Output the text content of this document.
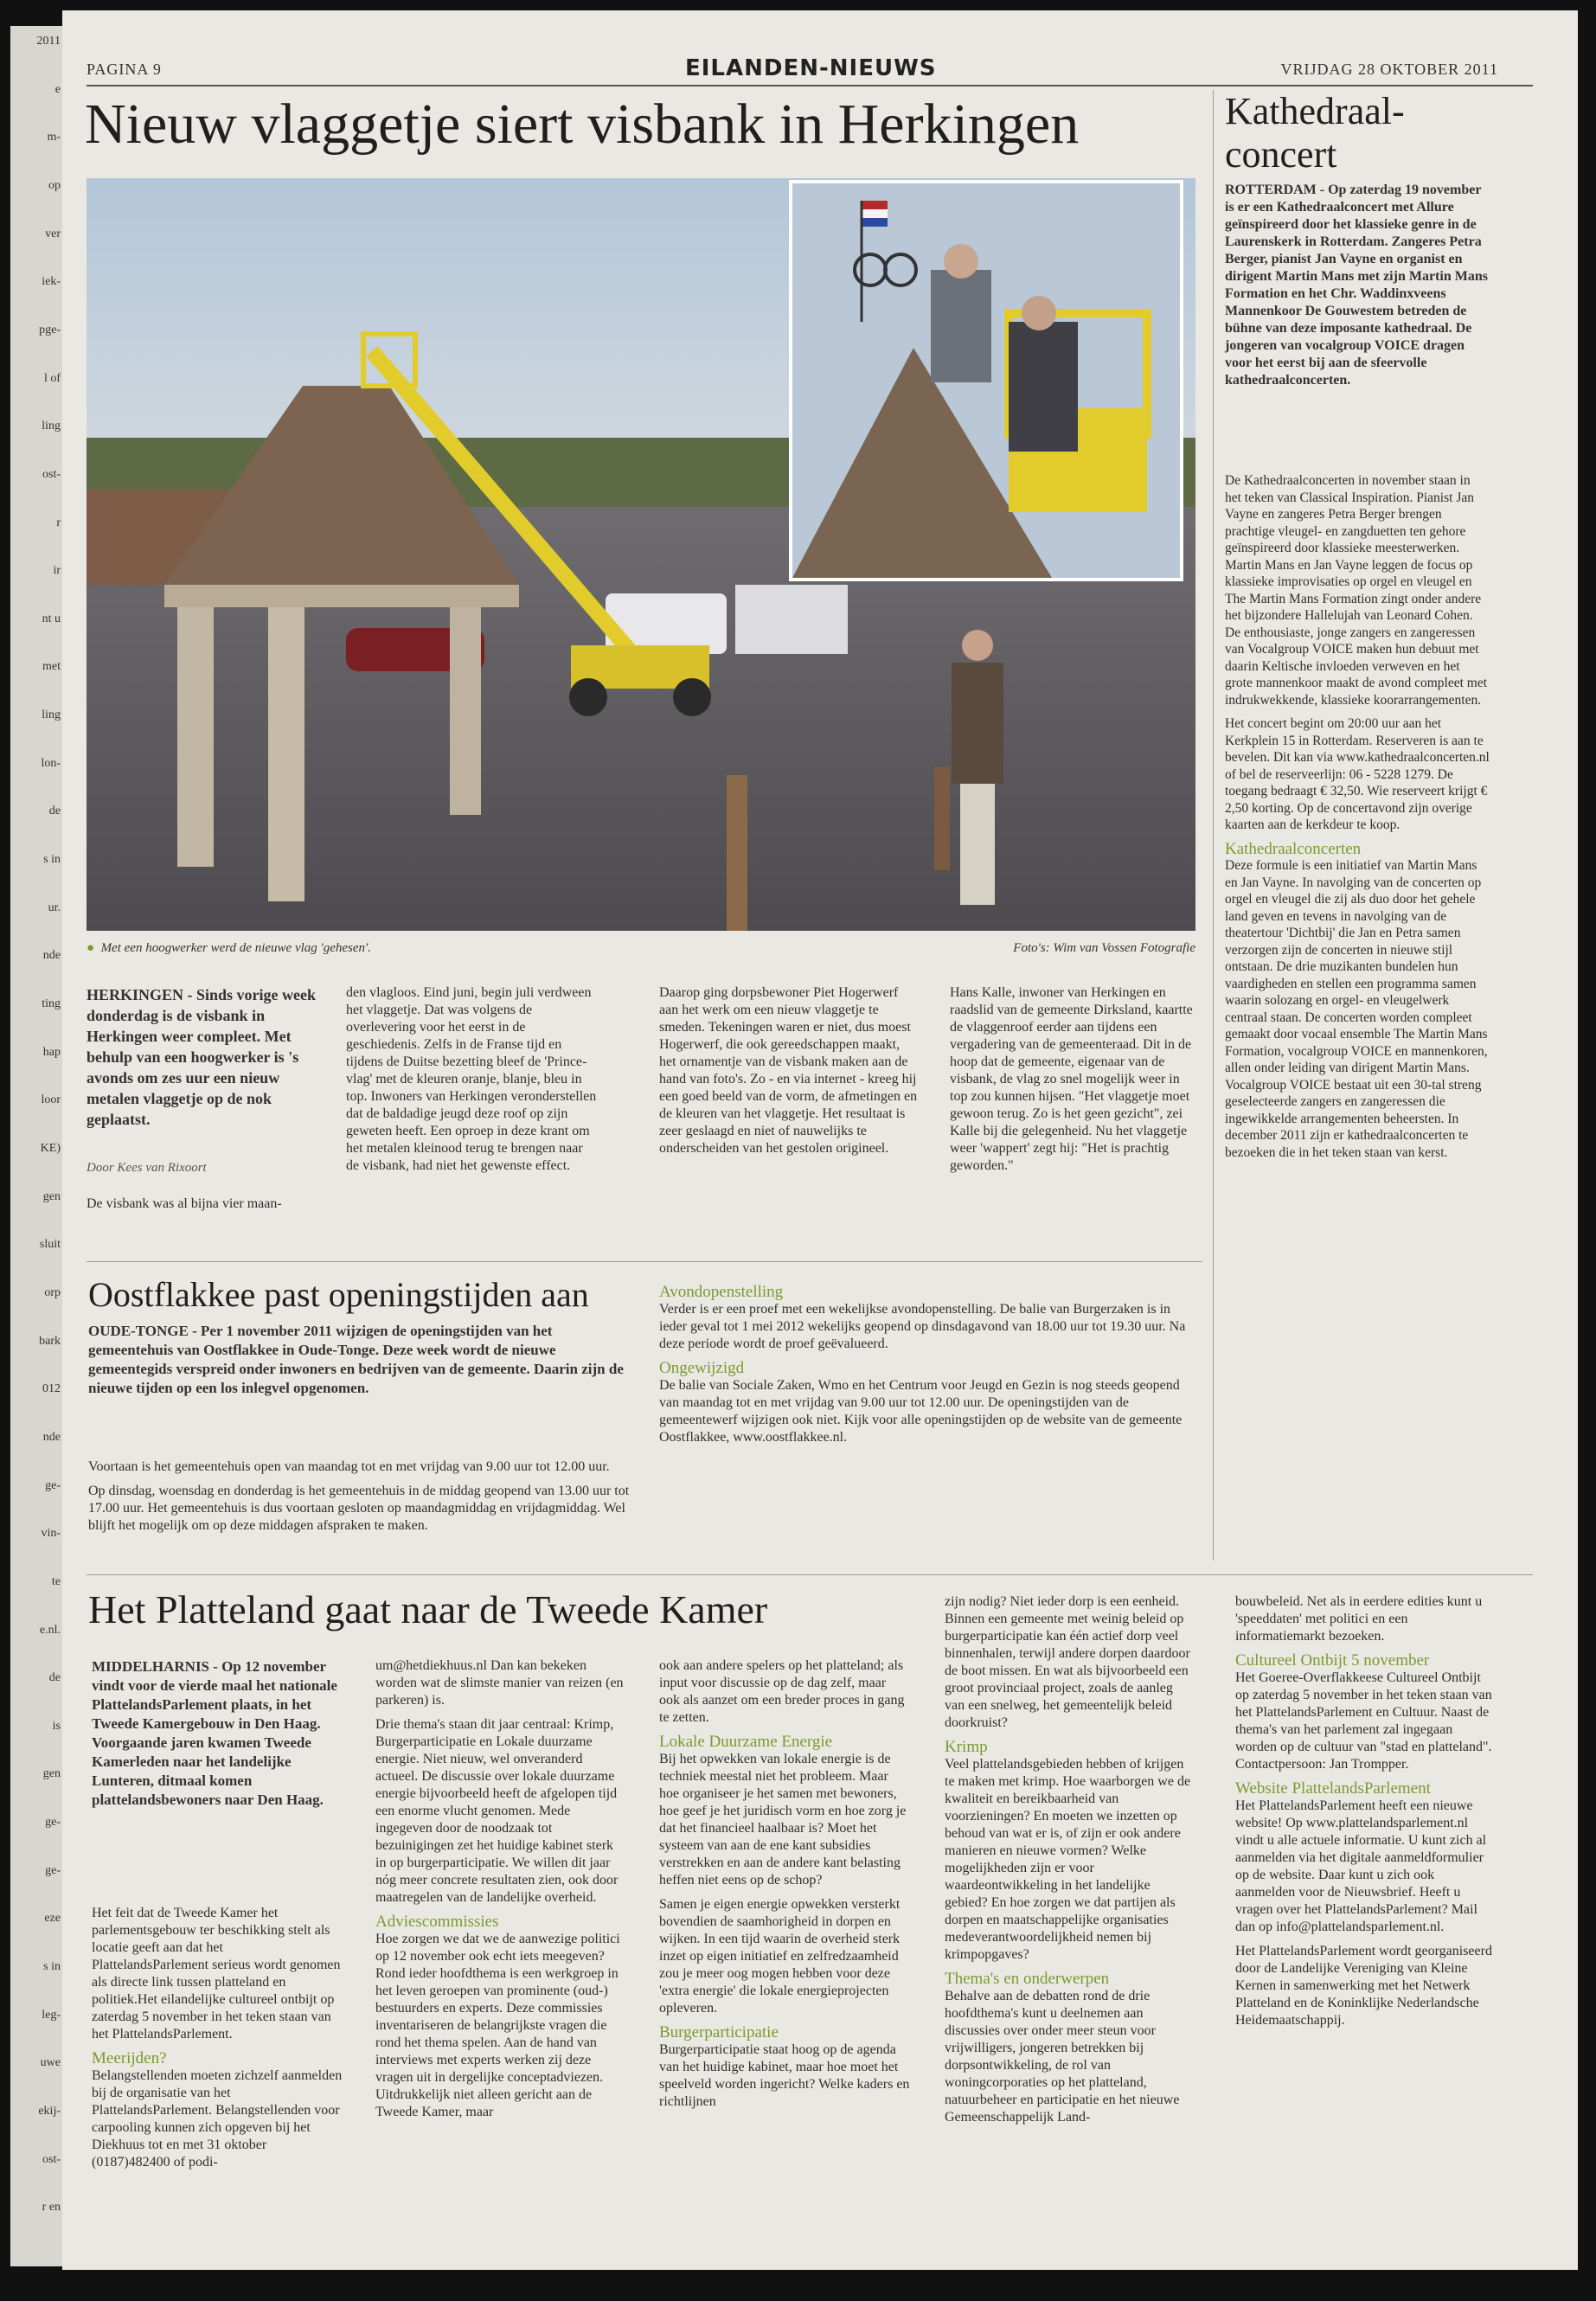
2011
e
m-
op
ver
iek-
pge-
l of
ling
ost-
r
ir
nt u
met
ling
lon-
de
s in
ur.
nde
ting
hap
loor
KE)
gen
sluit
orp
bark
012
nde
ge-
vin-
te
e.nl.
de
is
gen
ge-
ge-
eze
s in
leg-
uwe
ekij-
ost-
r en
PAGINA 9	EILANDEN-NIEUWS	VRIJDAG 28 OKTOBER 2011
Nieuw vlaggetje siert visbank in Herkingen
● Met een hoogwerker werd de nieuwe vlag 'gehesen'.	Foto's: Wim van Vossen Fotografie
HERKINGEN - Sinds vorige week donderdag is de visbank in Herkingen weer compleet. Met behulp van een hoogwerker is 's avonds om zes uur een nieuw metalen vlaggetje op de nok geplaatst.
Door Kees van Rixoort
De visbank was al bijna vier maan-
den vlagloos. Eind juni, begin juli verdween het vlaggetje. Dat was volgens de overlevering voor het eerst in de geschiedenis. Zelfs in de Franse tijd en tijdens de Duitse bezetting bleef de 'Prince-vlag' met de kleuren oranje, blanje, bleu in top. Inwoners van Herkingen veronderstellen dat de baldadige jeugd deze roof op zijn geweten heeft. Een oproep in deze krant om het metalen kleinood terug te brengen naar de visbank, had niet het gewenste effect.
Daarop ging dorpsbewoner Piet Hogerwerf aan het werk om een nieuw vlaggetje te smeden. Tekeningen waren er niet, dus moest Hogerwerf, die ook gereedschappen maakt, het ornamentje van de visbank maken aan de hand van foto's. Zo - en via internet - kreeg hij een goed beeld van de vorm, de afmetingen en de kleuren van het vlaggetje. Het resultaat is zeer geslaagd en niet of nauwelijks te onderscheiden van het gestolen origineel.
Hans Kalle, inwoner van Herkingen en raadslid van de gemeente Dirksland, kaartte de vlaggenroof eerder aan tijdens een vergadering van de gemeenteraad. Dit in de hoop dat de gemeente, eigenaar van de visbank, de vlag zo snel mogelijk weer in top zou kunnen hijsen. "Het vlaggetje moet gewoon terug. Zo is het geen gezicht", zei Kalle bij die gelegenheid. Nu het vlaggetje weer 'wappert' zegt hij: "Het is prachtig geworden."
Kathedraal-concert
ROTTERDAM - Op zaterdag 19 november is er een Kathedraalconcert met Allure geïnspireerd door het klassieke genre in de Laurenskerk in Rotterdam. Zangeres Petra Berger, pianist Jan Vayne en organist en dirigent Martin Mans met zijn Martin Mans Formation en het Chr. Waddinxveens Mannenkoor De Gouwestem betreden de bühne van deze imposante kathedraal. De jongeren van vocalgroup VOICE dragen voor het eerst bij aan de sfeervolle kathedraalconcerten.

De Kathedraalconcerten in november staan in het teken van Classical Inspiration. Pianist Jan Vayne en zangeres Petra Berger brengen prachtige vleugel- en zangduetten ten gehore geïnspireerd door klassieke meesterwerken. Martin Mans en Jan Vayne leggen de focus op klassieke improvisaties op orgel en vleugel en The Martin Mans Formation zingt onder andere het bijzondere Hallelujah van Leonard Cohen. De enthousiaste, jonge zangers en zangeressen van Vocalgroup VOICE maken hun debuut met daarin Keltische invloeden verweven en het grote mannenkoor maakt de avond compleet met indrukwekkende, klassieke koorarrangementen.

Het concert begint om 20:00 uur aan het Kerkplein 15 in Rotterdam. Reserveren is aan te bevelen. Dit kan via www.kathedraalconcerten.nl of bel de reserveerlijn: 06 - 5228 1279. De toegang bedraagt € 32,50. Wie reserveert krijgt € 2,50 korting. Op de concertavond zijn overige kaarten aan de kerkdeur te koop.

Kathedraalconcerten

Deze formule is een initiatief van Martin Mans en Jan Vayne. In navolging van de concerten op orgel en vleugel die zij als duo door het gehele land geven en tevens in navolging van de theatertour 'Dichtbij' die Jan en Petra samen verzorgen zijn de concerten in nieuwe stijl ontstaan. De drie muzikanten bundelen hun vaardigheden en stellen een programma samen waarin solozang en orgel- en vleugelwerk centraal staan. De concerten worden compleet gemaakt door vocaal ensemble The Martin Mans Formation, vocalgroup VOICE en mannenkoren, allen onder leiding van dirigent Martin Mans. Vocalgroup VOICE bestaat uit een 30-tal streng geselecteerde zangers en zangeressen die ingewikkelde arrangementen beheersten. In december 2011 zijn er kathedraalconcerten te bezoeken die in het teken staan van kerst.

Oostflakkee past openingstijden aan
OUDE-TONGE - Per 1 november 2011 wijzigen de openingstijden van het gemeentehuis van Oostflakkee in Oude-Tonge. Deze week wordt de nieuwe gemeentegids verspreid onder inwoners en bedrijven van de gemeente. Daarin zijn de nieuwe tijden op een los inlegvel opgenomen.

Voortaan is het gemeentehuis open van maandag tot en met vrijdag van 9.00 uur tot 12.00 uur.

Op dinsdag, woensdag en donderdag is het gemeentehuis in de middag geopend van 13.00 uur tot 17.00 uur. Het gemeentehuis is dus voortaan gesloten op maandagmiddag en vrijdagmiddag. Wel blijft het mogelijk om op deze middagen afspraken te maken.

Avondopenstelling

Verder is er een proef met een wekelijkse avondopenstelling. De balie van Burgerzaken is in ieder geval tot 1 mei 2012 wekelijks geopend op dinsdagavond van 18.00 uur tot 19.30 uur. Na deze periode wordt de proef geëvalueerd.

Ongewijzigd

De balie van Sociale Zaken, Wmo en het Centrum voor Jeugd en Gezin is nog steeds geopend van maandag tot en met vrijdag van 9.00 uur tot 12.00 uur. De openingstijden van de gemeentewerf wijzigen ook niet. Kijk voor alle openingstijden op de website van de gemeente Oostflakkee, www.oostflakkee.nl.

Het Platteland gaat naar de Tweede Kamer
MIDDELHARNIS - Op 12 november vindt voor de vierde maal het nationale PlattelandsParlement plaats, in het Tweede Kamergebouw in Den Haag. Voorgaande jaren kwamen Tweede Kamerleden naar het landelijke Lunteren, ditmaal komen plattelandsbewoners naar Den Haag.

Het feit dat de Tweede Kamer het parlementsgebouw ter beschikking stelt als locatie geeft aan dat het PlattelandsParlement serieus wordt genomen als directe link tussen platteland en politiek.Het eilandelijke cultureel ontbijt op zaterdag 5 november in het teken staan van het PlattelandsParlement.

Meerijden?

Belangstellenden moeten zichzelf aanmelden bij de organisatie van het PlattelandsParlement. Belangstellenden voor carpooling kunnen zich opgeven bij het Diekhuus tot en met 31 oktober (0187)482400 of podi-

um@hetdiekhuus.nl Dan kan bekeken worden wat de slimste manier van reizen (en parkeren) is.

Drie thema's staan dit jaar centraal: Krimp, Burgerparticipatie en Lokale duurzame energie. Niet nieuw, wel onveranderd actueel. De discussie over lokale duurzame energie bijvoorbeeld heeft de afgelopen tijd een enorme vlucht genomen. Mede ingegeven door de noodzaak tot bezuinigingen zet het huidige kabinet sterk in op burgerparticipatie. We willen dit jaar nóg meer concrete resultaten zien, ook door maatregelen van de landelijke overheid.

Adviescommissies

Hoe zorgen we dat we de aanwezige politici op 12 november ook echt iets meegeven? Rond ieder hoofdthema is een werkgroep in het leven geroepen van prominente (oud-) bestuurders en experts. Deze commissies inventariseren de belangrijkste vragen die rond het thema spelen. Aan de hand van interviews met experts werken zij deze vragen uit in dergelijke conceptadviezen. Uitdrukkelijk niet alleen gericht aan de Tweede Kamer, maar

ook aan andere spelers op het platteland; als input voor discussie op de dag zelf, maar ook als aanzet om een breder proces in gang te zetten.

Lokale Duurzame Energie

Bij het opwekken van lokale energie is de techniek meestal niet het probleem. Maar hoe organiseer je het samen met bewoners, hoe geef je het juridisch vorm en hoe zorg je dat het financieel haalbaar is? Moet het systeem van aan de ene kant subsidies verstrekken en aan de andere kant belasting heffen niet eens op de schop?

Samen je eigen energie opwekken versterkt bovendien de saamhorigheid in dorpen en wijken. In een tijd waarin de overheid sterk inzet op eigen initiatief en zelfredzaamheid zou je meer oog mogen hebben voor deze 'extra energie' die lokale energieprojecten opleveren.

Burgerparticipatie

Burgerparticipatie staat hoog op de agenda van het huidige kabinet, maar hoe moet het speelveld worden ingericht? Welke kaders en richtlijnen

zijn nodig? Niet ieder dorp is een eenheid. Binnen een gemeente met weinig beleid op burgerparticipatie kan één actief dorp veel binnenhalen, terwijl andere dorpen daardoor de boot missen. En wat als bijvoorbeeld een groot provinciaal project, zoals de aanleg van een snelweg, het gemeentelijk beleid doorkruist?

Krimp

Veel plattelandsgebieden hebben of krijgen te maken met krimp. Hoe waarborgen we de kwaliteit en bereikbaarheid van voorzieningen? En moeten we inzetten op behoud van wat er is, of zijn er ook andere manieren en nieuwe vormen? Welke mogelijkheden zijn er voor waardeontwikkeling in het landelijke gebied? En hoe zorgen we dat partijen als dorpen en maatschappelijke organisaties medeverantwoordelijkheid nemen bij krimpopgaves?

Thema's en onderwerpen

Behalve aan de debatten rond de drie hoofdthema's kunt u deelnemen aan discussies over onder meer steun voor vrijwilligers, jongeren betrekken bij dorpsontwikkeling, de rol van woningcorporaties op het platteland, natuurbeheer en participatie en het nieuwe Gemeenschappelijk Land-

bouwbeleid. Net als in eerdere edities kunt u 'speeddaten' met politici en een informatiemarkt bezoeken.

Cultureel Ontbijt 5 november

Het Goeree-Overflakkeese Cultureel Ontbijt op zaterdag 5 november in het teken staan van het PlattelandsParlement en Cultuur. Naast de thema's van het parlement zal ingegaan worden op de cultuur van "stad en platteland". Contactpersoon: Jan Trompper.

Website PlattelandsParlement

Het PlattelandsParlement heeft een nieuwe website! Op www.plattelandsparlement.nl vindt u alle actuele informatie. U kunt zich al aanmelden via het digitale aanmeldformulier op de website. Daar kunt u zich ook aanmelden voor de Nieuwsbrief. Heeft u vragen over het PlattelandsParlement? Mail dan op info@plattelandsparlement.nl.

Het PlattelandsParlement wordt georganiseerd door de Landelijke Vereniging van Kleine Kernen in samenwerking met het Netwerk Platteland en de Koninklijke Nederlandsche Heidemaatschappij.
